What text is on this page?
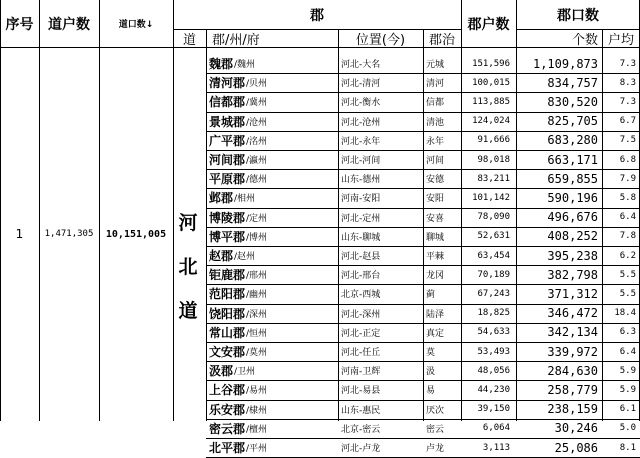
序号	道户数	道口数↓
郡
郡户数
郡口数
道	郡/州/府	位置(今)	郡治	个数 户均
1	1,471,305	10,151,005 河
北
道
魏郡 /魏州	河北-大名	元城	151,596	1,109,873	7.3
清河郡 /贝州	河北-清河	清河	100,015	834,757	8.3
信都郡 /冀州	河北-衡水	信都	113,885	830,520	7.3
景城郡 /沧州	河北-沧州	清池	124,024	825,705	6.7
广平郡 /洺州	河北-永年	永年	91,666	683,280	7.5
河间郡 /瀛州	河北-河间	河间	98,018	663,171	6.8
平原郡 /德州	山东-德州	安德	83,211	659,855	7.9
邺郡 /相州	河南-安阳	安阳	101,142	590,196	5.8
博陵郡 /定州	河北-定州	安喜	78,090	496,676	6.4
博平郡 /博州	山东-聊城	聊城	52,631	408,252	7.8
赵郡 /赵州	河北-赵县	平棘	63,454	395,238	6.2
钜鹿郡 /邢州	河北-邢台	龙冈	70,189	382,798	5.5
范阳郡 /幽州	北京-西城	蓟	67,243	371,312	5.5
饶阳郡 /深州	河北-深州	陆泽	18,825	346,472	18.4
常山郡 /恒州	河北-正定	真定	54,633	342,134	6.3
文安郡 /莫州	河北-任丘	莫	53,493	339,972	6.4
汲郡 /卫州	河南-卫辉	汲	48,056	284,630	5.9
上谷郡 /易州	河北-易县	易	44,230	258,779	5.9
乐安郡 /棣州	山东-惠民	厌次	39,150	238,159	6.1
密云郡 /檀州	北京-密云	密云	6,064	30,246	5.0
北平郡 /平州	河北-卢龙	卢龙	3,113	25,086	8.1
